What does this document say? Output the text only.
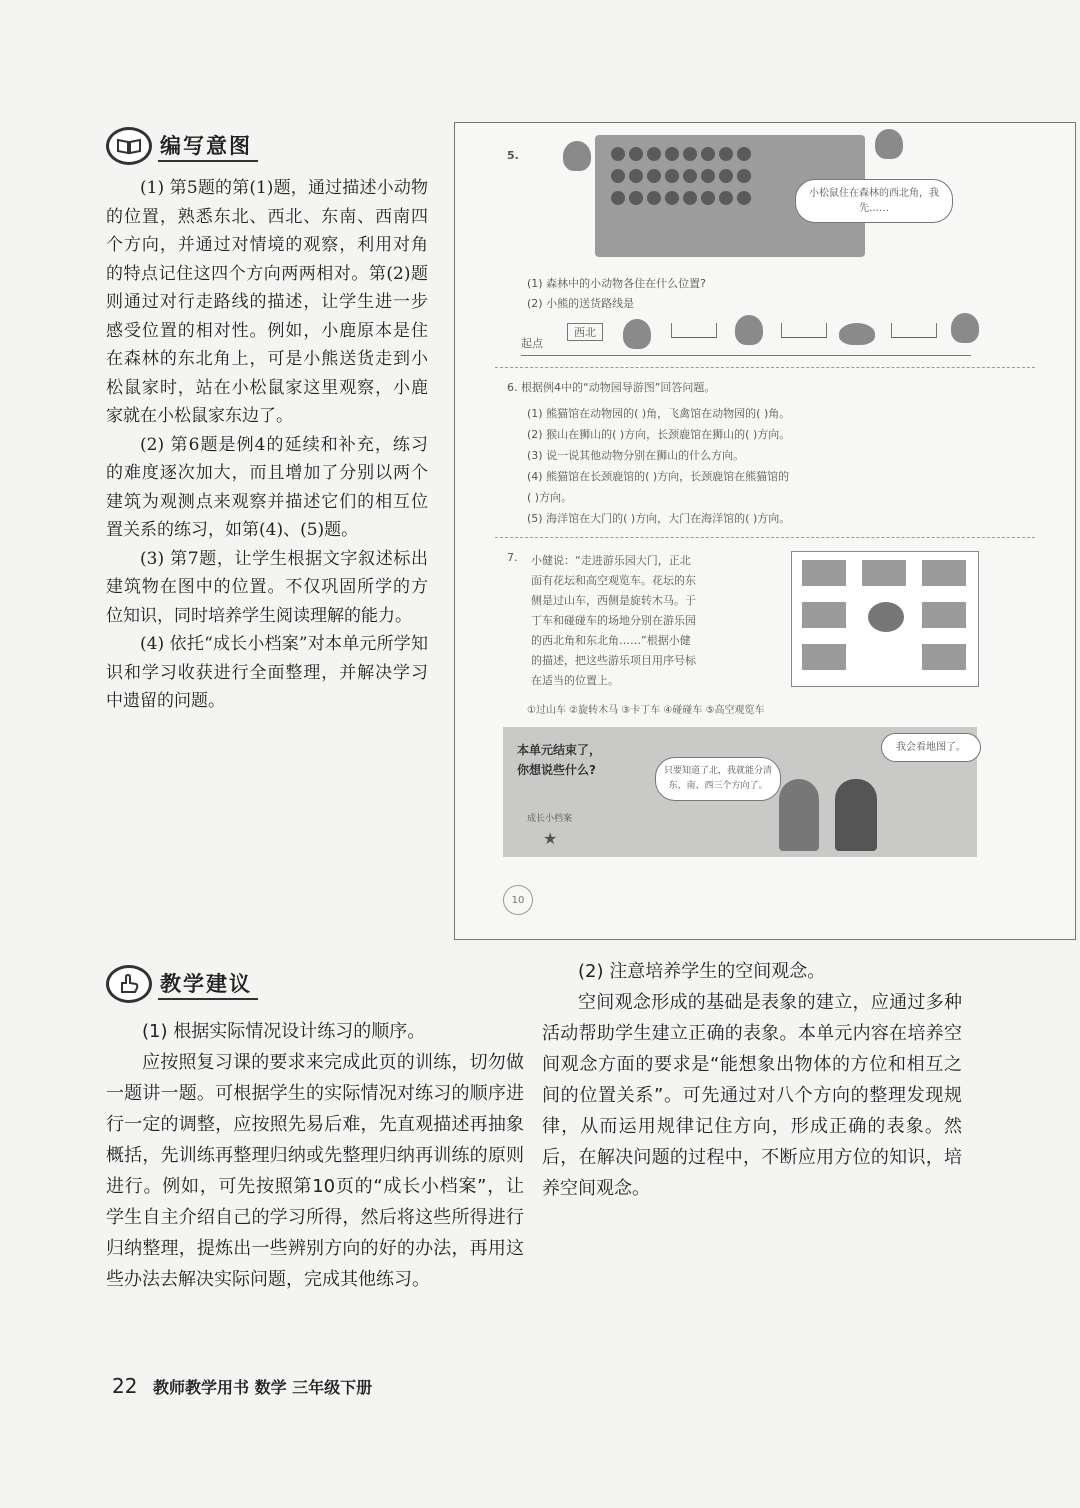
编写意图

(1) 第5题的第(1)题，通过描述小动物的位置，熟悉东北、西北、东南、西南四个方向，并通过对情境的观察，利用对角的特点记住这四个方向两两相对。第(2)题则通过对行走路线的描述，让学生进一步感受位置的相对性。例如，小鹿原本是住在森林的东北角上，可是小熊送货走到小松鼠家时，站在小松鼠家这里观察，小鹿家就在小松鼠家东边了。

(2) 第6题是例4的延续和补充，练习的难度逐次加大，而且增加了分别以两个建筑为观测点来观察并描述它们的相互位置关系的练习，如第(4)、(5)题。

(3) 第7题，让学生根据文字叙述标出建筑物在图中的位置。不仅巩固所学的方位知识，同时培养学生阅读理解的能力。

(4) 依托“成长小档案”对本单元所学知识和学习收获进行全面整理，并解决学习中遗留的问题。

5.
小松鼠住在森林的西北角，我先……
(1) 森林中的小动物各住在什么位置?
(2) 小熊的送货路线是
起点
西北
6. 根据例4中的“动物园导游图”回答问题。
(1) 熊猫馆在动物园的( )角，飞禽馆在动物园的( )角。
(2) 猴山在狮山的( )方向，长颈鹿馆在狮山的( )方向。
(3) 说一说其他动物分别在狮山的什么方向。
(4) 熊猫馆在长颈鹿馆的( )方向，长颈鹿馆在熊猫馆的
( )方向。
(5) 海洋馆在大门的( )方向，大门在海洋馆的( )方向。
7. 小健说：“走进游乐园大门，正北
面有花坛和高空观览车。花坛的东
侧是过山车，西侧是旋转木马。于
丁车和碰碰车的场地分别在游乐园
的西北角和东北角……”根据小健
的描述，把这些游乐项目用序号标
在适当的位置上。
①过山车 ②旋转木马 ③卡丁车 ④碰碰车 ⑤高空观览车
本单元结束了，
你想说些什么?	只要知道了北，我就能分清东、南、西三个方向了。
我会看地图了。
成长小档案
★
10
教学建议

(1) 根据实际情况设计练习的顺序。

应按照复习课的要求来完成此页的训练，切勿做一题讲一题。可根据学生的实际情况对练习的顺序进行一定的调整，应按照先易后难，先直观描述再抽象概括，先训练再整理归纳或先整理归纳再训练的原则进行。例如，可先按照第10页的“成长小档案”，让学生自主介绍自己的学习所得，然后将这些所得进行归纳整理，提炼出一些辨别方向的好的办法，再用这些办法去解决实际问题，完成其他练习。

(2) 注意培养学生的空间观念。

空间观念形成的基础是表象的建立，应通过多种活动帮助学生建立正确的表象。本单元内容在培养空间观念方面的要求是“能想象出物体的方位和相互之间的位置关系”。可先通过对八个方向的整理发现规律，从而运用规律记住方向，形成正确的表象。然后，在解决问题的过程中，不断应用方位的知识，培养空间观念。

22 教师教学用书 数学 三年级下册
